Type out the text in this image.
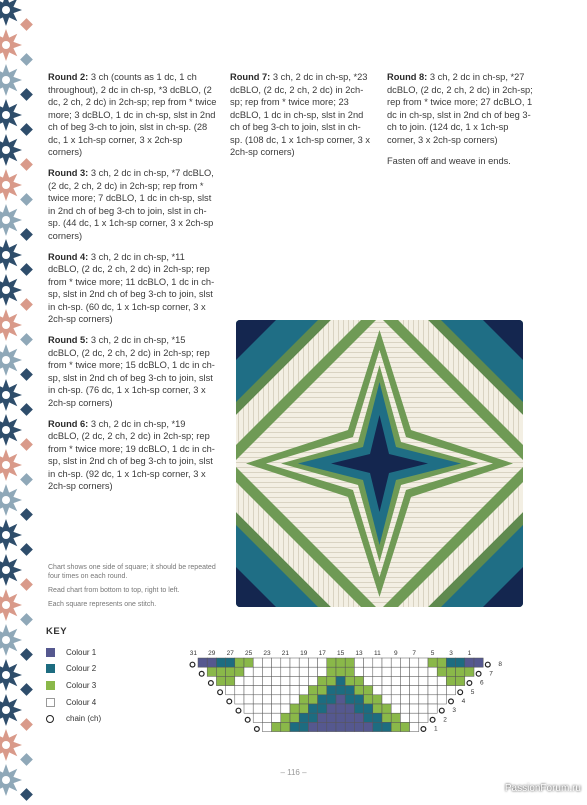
Round 2: 3 ch (counts as 1 dc, 1 ch throughout), 2 dc in ch-sp, *3 dcBLO, (2 dc, 2 ch, 2 dc) in 2ch-sp; rep from * twice more; 3 dcBLO, 1 dc in ch-sp, slst in 2nd ch of beg 3-ch to join, slst in ch-sp. (28 dc, 1 x 1ch-sp corner, 3 x 2ch-sp corners)

Round 3: 3 ch, 2 dc in ch-sp, *7 dcBLO, (2 dc, 2 ch, 2 dc) in 2ch-sp; rep from * twice more; 7 dcBLO, 1 dc in ch-sp, slst in 2nd ch of beg 3-ch to join, slst in ch-sp. (44 dc, 1 x 1ch-sp corner, 3 x 2ch-sp corners)

Round 4: 3 ch, 2 dc in ch-sp, *11 dcBLO, (2 dc, 2 ch, 2 dc) in 2ch-sp; rep from * twice more; 11 dcBLO, 1 dc in ch-sp, slst in 2nd ch of beg 3-ch to join, slst in ch-sp. (60 dc, 1 x 1ch-sp corner, 3 x 2ch-sp corners)

Round 5: 3 ch, 2 dc in ch-sp, *15 dcBLO, (2 dc, 2 ch, 2 dc) in 2ch-sp; rep from * twice more; 15 dcBLO, 1 dc in ch-sp, slst in 2nd ch of beg 3-ch to join, slst in ch-sp. (76 dc, 1 x 1ch-sp corner, 3 x 2ch-sp corners)

Round 6: 3 ch, 2 dc in ch-sp, *19 dcBLO, (2 dc, 2 ch, 2 dc) in 2ch-sp; rep from * twice more; 19 dcBLO, 1 dc in ch-sp, slst in 2nd ch of beg 3-ch to join, slst in ch-sp. (92 dc, 1 x 1ch-sp corner, 3 x 2ch-sp corners)

Round 7: 3 ch, 2 dc in ch-sp, *23 dcBLO, (2 dc, 2 ch, 2 dc) in 2ch-sp; rep from * twice more; 23 dcBLO, 1 dc in ch-sp, slst in 2nd ch of beg 3-ch to join, slst in ch-sp. (108 dc, 1 x 1ch-sp corner, 3 x 2ch-sp corners)

Round 8: 3 ch, 2 dc in ch-sp, *27 dcBLO, (2 dc, 2 ch, 2 dc) in 2ch-sp; rep from * twice more; 27 dcBLO, 1 dc in ch-sp, slst in 2nd ch of beg 3-ch to join. (124 dc, 1 x 1ch-sp corner, 3 x 2ch-sp corners)

Fasten off and weave in ends.

Chart shows one side of square; it should be repeated four times on each round.

Read chart from bottom to top, right to left.

Each square represents one stitch.

KEY
Colour 1
Colour 2
Colour 3
Colour 4
chain (ch)
31 29 27 25 23 21 19 17 15 13 11 9 7 5 3 1
8
7
6
5
4
3
2
1
– 116 –
PassionForum.ru
